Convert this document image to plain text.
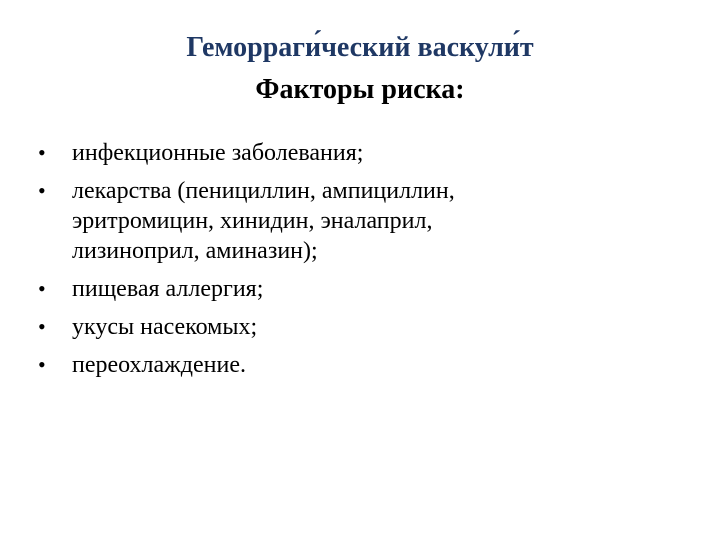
Геморраги́ческий васкули́т
Факторы риска:
•	инфекционные заболевания;
•	лекарства (пенициллин, ампициллин,
эритромицин, хинидин, эналаприл,
лизиноприл, аминазин);
•	пищевая аллергия;
•	укусы насекомых;
•	переохлаждение.
